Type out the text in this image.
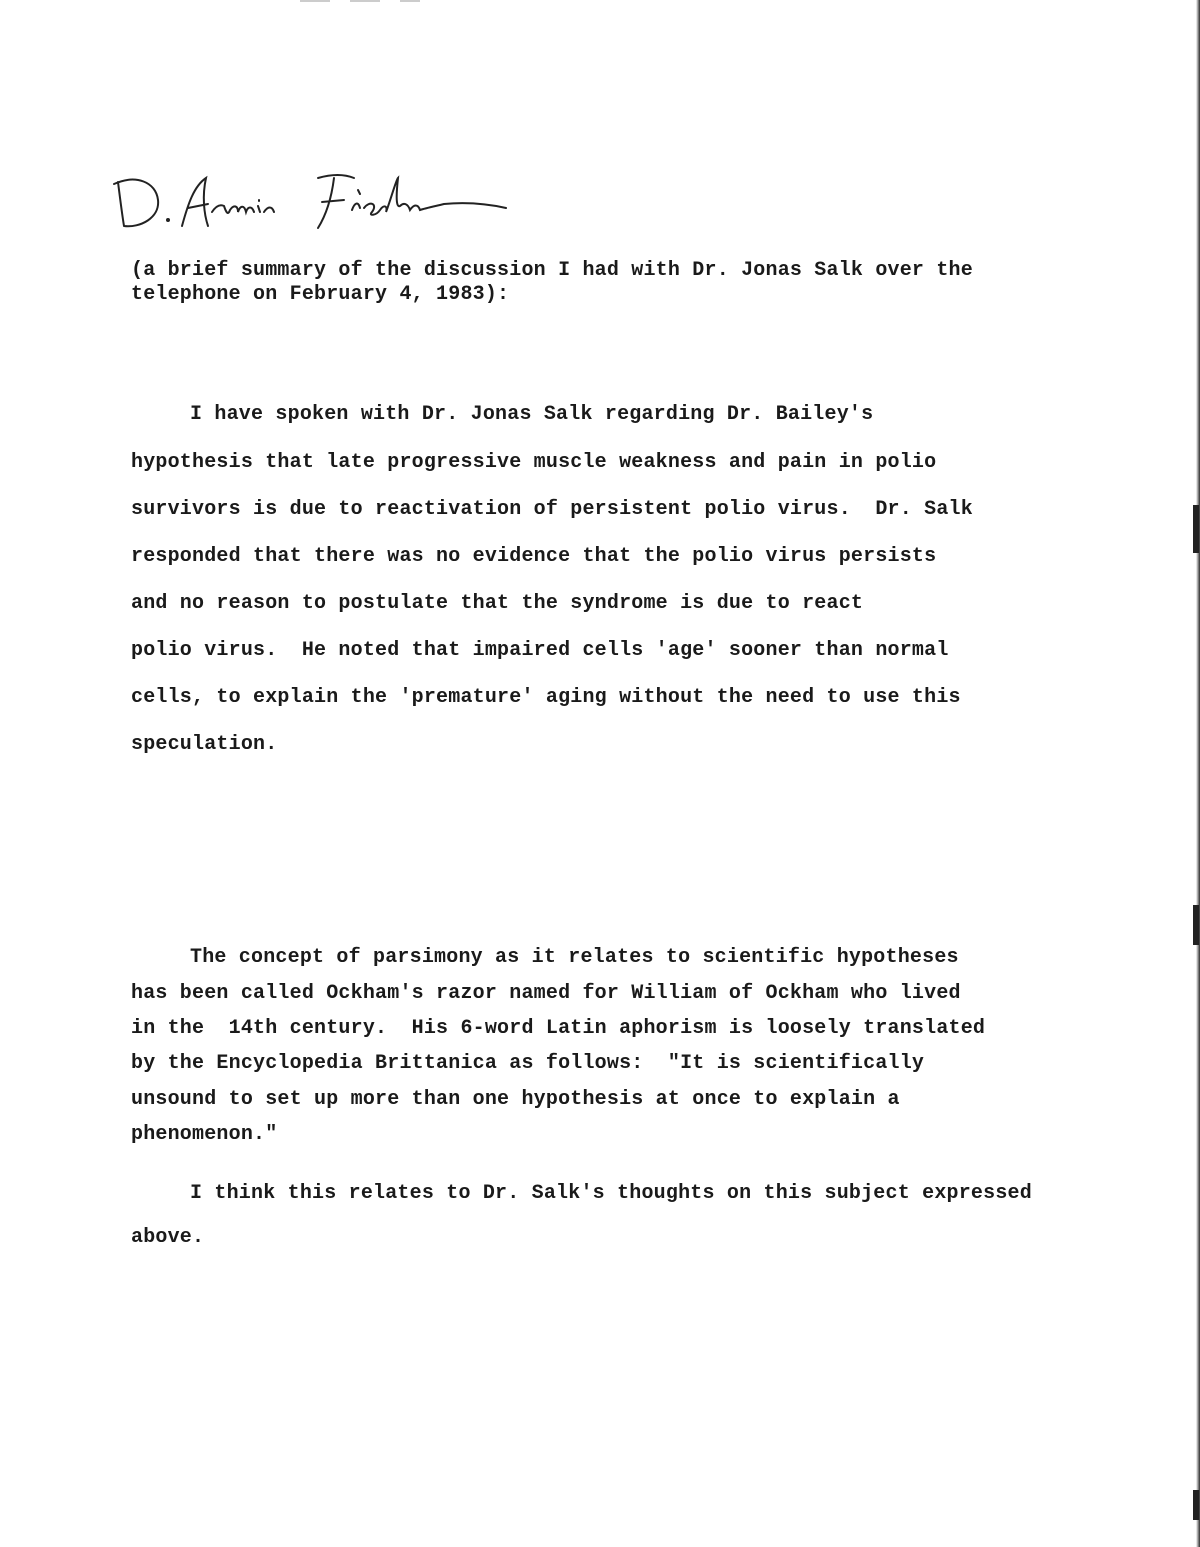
(a brief summary of the discussion I had with Dr. Jonas Salk over the
telephone on February 4, 1983):
I have spoken with Dr. Jonas Salk regarding Dr. Bailey's
hypothesis that late progressive muscle weakness and pain in polio
survivors is due to reactivation of persistent polio virus.  Dr. Salk
responded that there was no evidence that the polio virus persists
and no reason to postulate that the syndrome is due to react
polio virus.  He noted that impaired cells 'age' sooner than normal
cells, to explain the 'premature' aging without the need to use this
speculation.
The concept of parsimony as it relates to scientific hypotheses
has been called Ockham's razor named for William of Ockham who lived
in the  14th century.  His 6-word Latin aphorism is loosely translated
by the Encyclopedia Brittanica as follows:  "It is scientifically
unsound to set up more than one hypothesis at once to explain a
phenomenon."
I think this relates to Dr. Salk's thoughts on this subject expressed
above.
